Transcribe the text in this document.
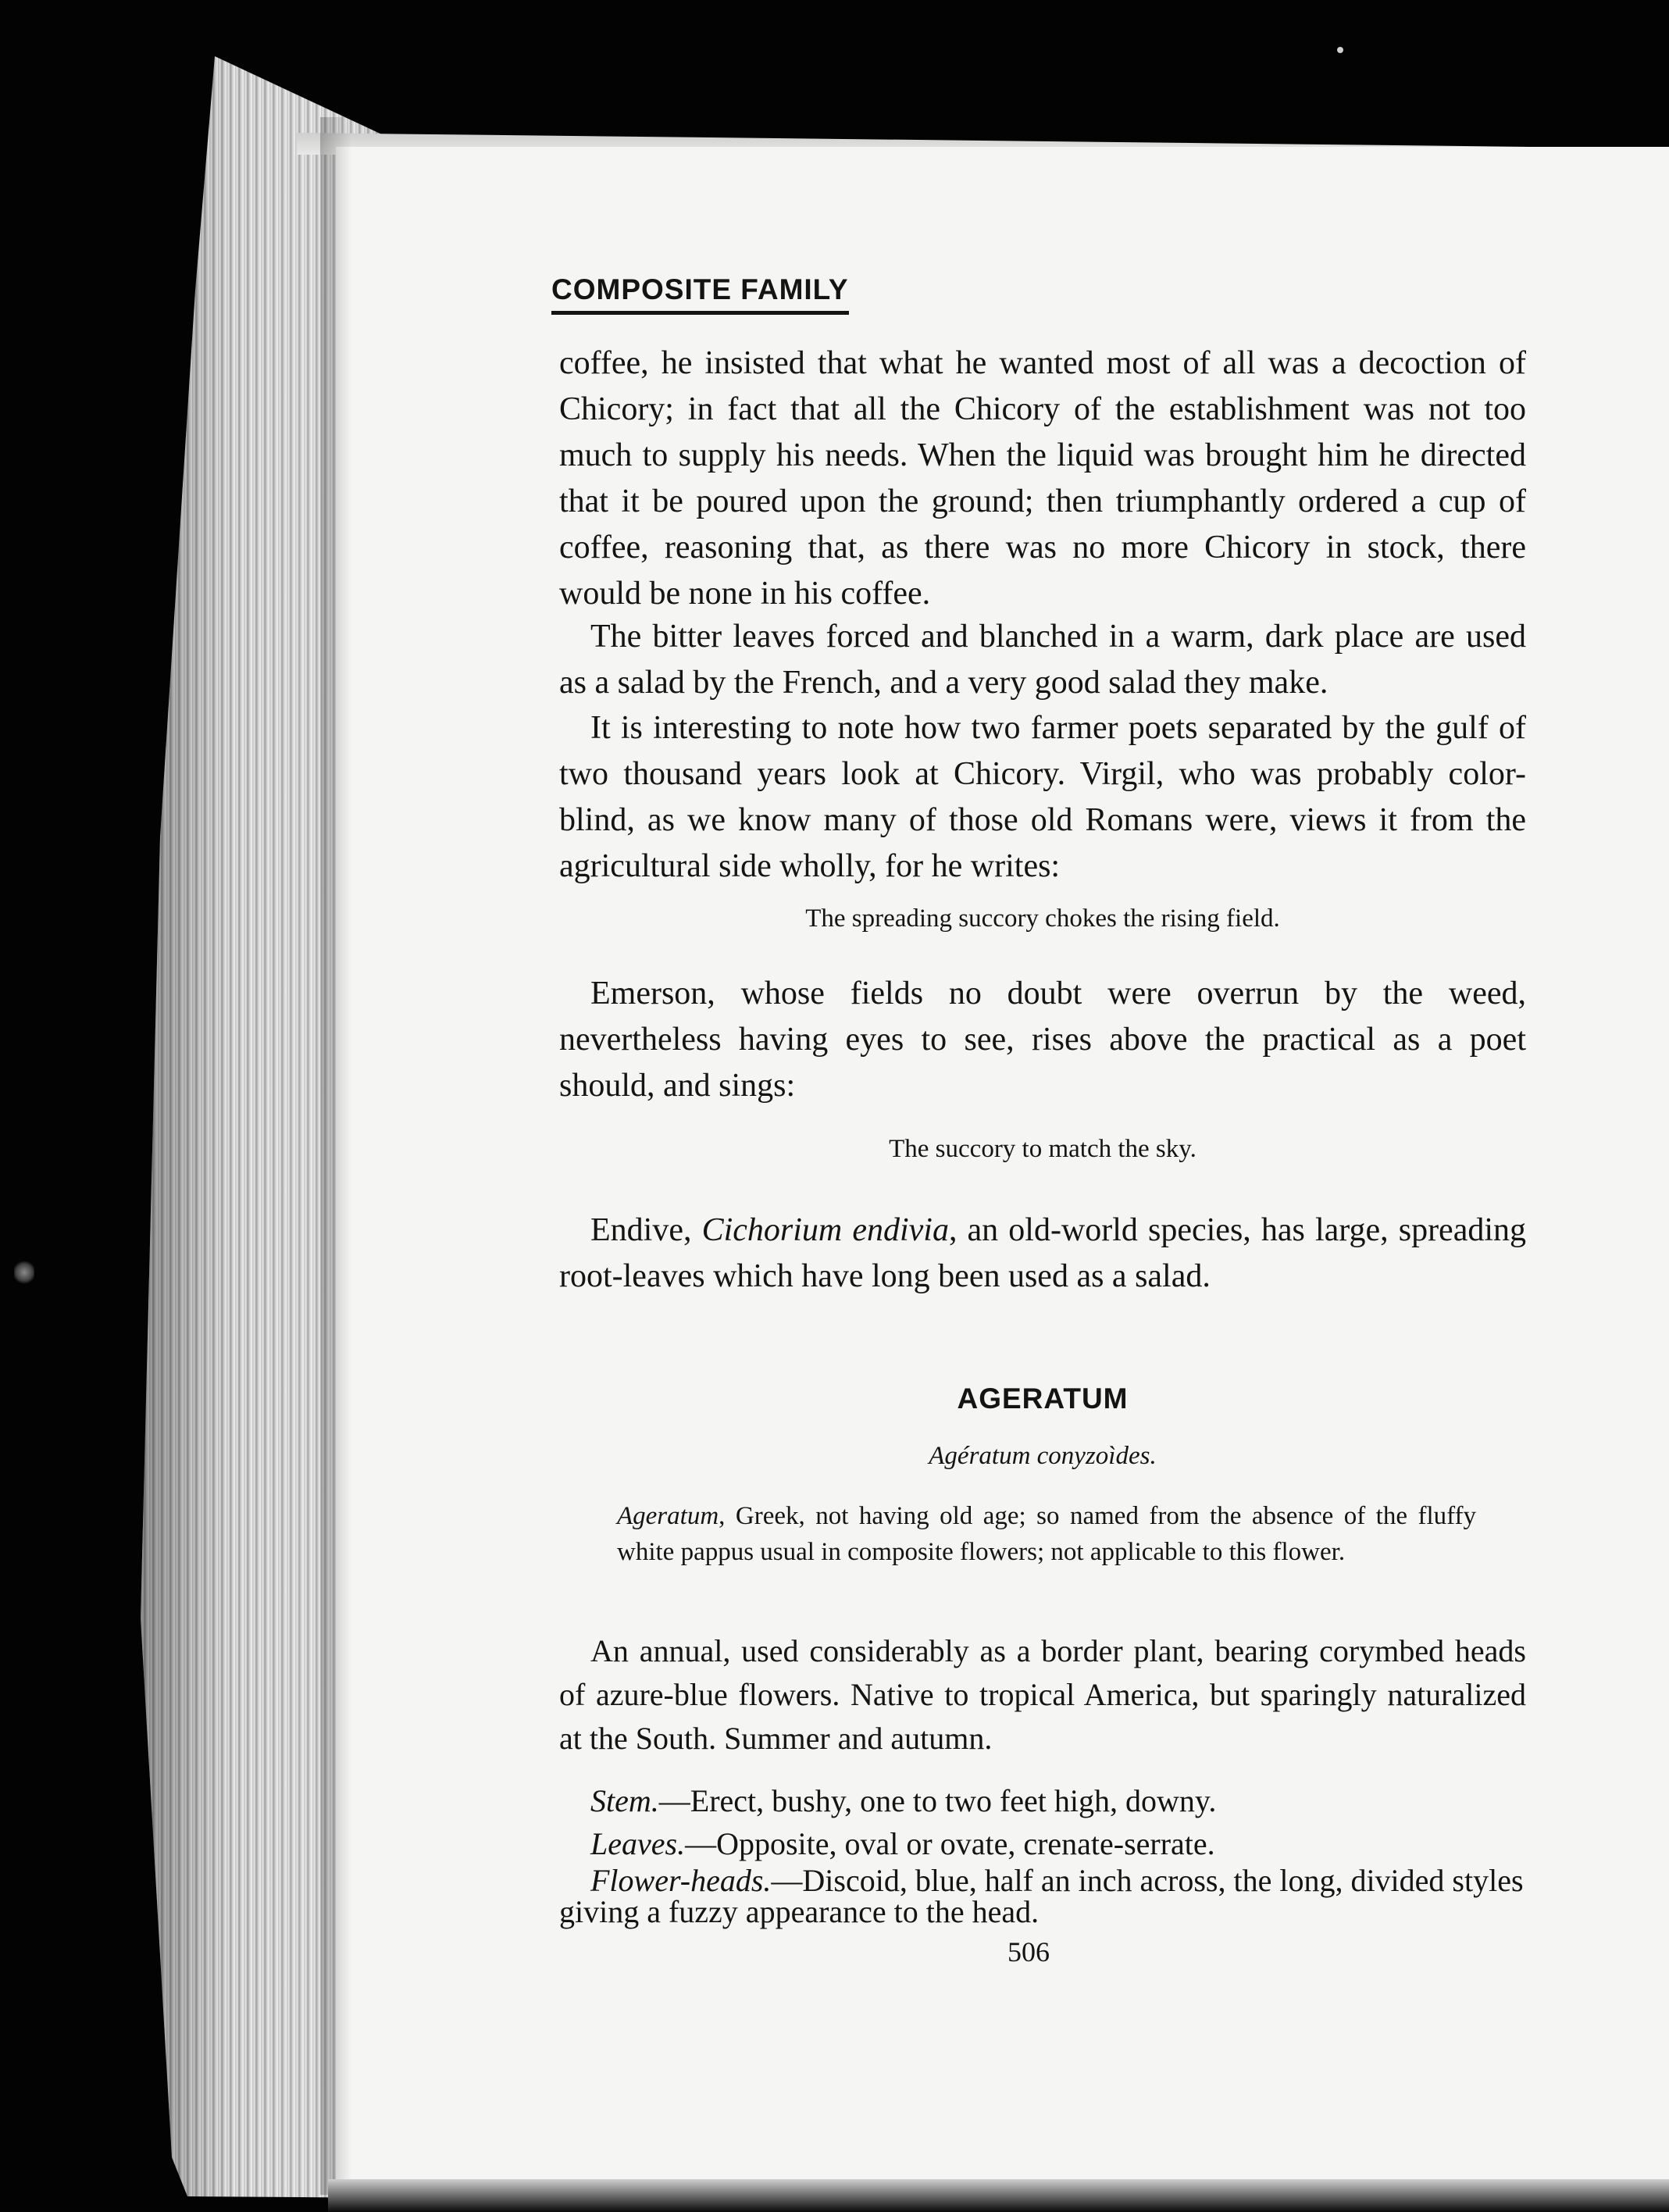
COMPOSITE FAMILY
coffee, he insisted that what he wanted most of all was a decoction of Chicory; in fact that all the Chicory of the establishment was not too much to supply his needs. When the liquid was brought him he directed that it be poured upon the ground; then triumphantly ordered a cup of coffee, reasoning that, as there was no more Chicory in stock, there would be none in his coffee.
The bitter leaves forced and blanched in a warm, dark place are used as a salad by the French, and a very good salad they make.
It is interesting to note how two farmer poets separated by the gulf of two thousand years look at Chicory. Virgil, who was probably color-blind, as we know many of those old Romans were, views it from the agricultural side wholly, for he writes:
The spreading succory chokes the rising field.
Emerson, whose fields no doubt were overrun by the weed, nevertheless having eyes to see, rises above the practical as a poet should, and sings:
The succory to match the sky.
Endive, Cichorium endivia, an old-world species, has large, spreading root-leaves which have long been used as a salad.
AGERATUM
Agératum conyzoìdes.
Ageratum, Greek, not having old age; so named from the absence of the fluffy white pappus usual in composite flowers; not applicable to this flower.
An annual, used considerably as a border plant, bearing corymbed heads of azure-blue flowers. Native to tropical America, but sparingly naturalized at the South. Summer and autumn.
Stem.—Erect, bushy, one to two feet high, downy.
Leaves.—Opposite, oval or ovate, crenate-serrate.
Flower-heads.—Discoid, blue, half an inch across, the long, divided styles giving a fuzzy appearance to the head.
506
